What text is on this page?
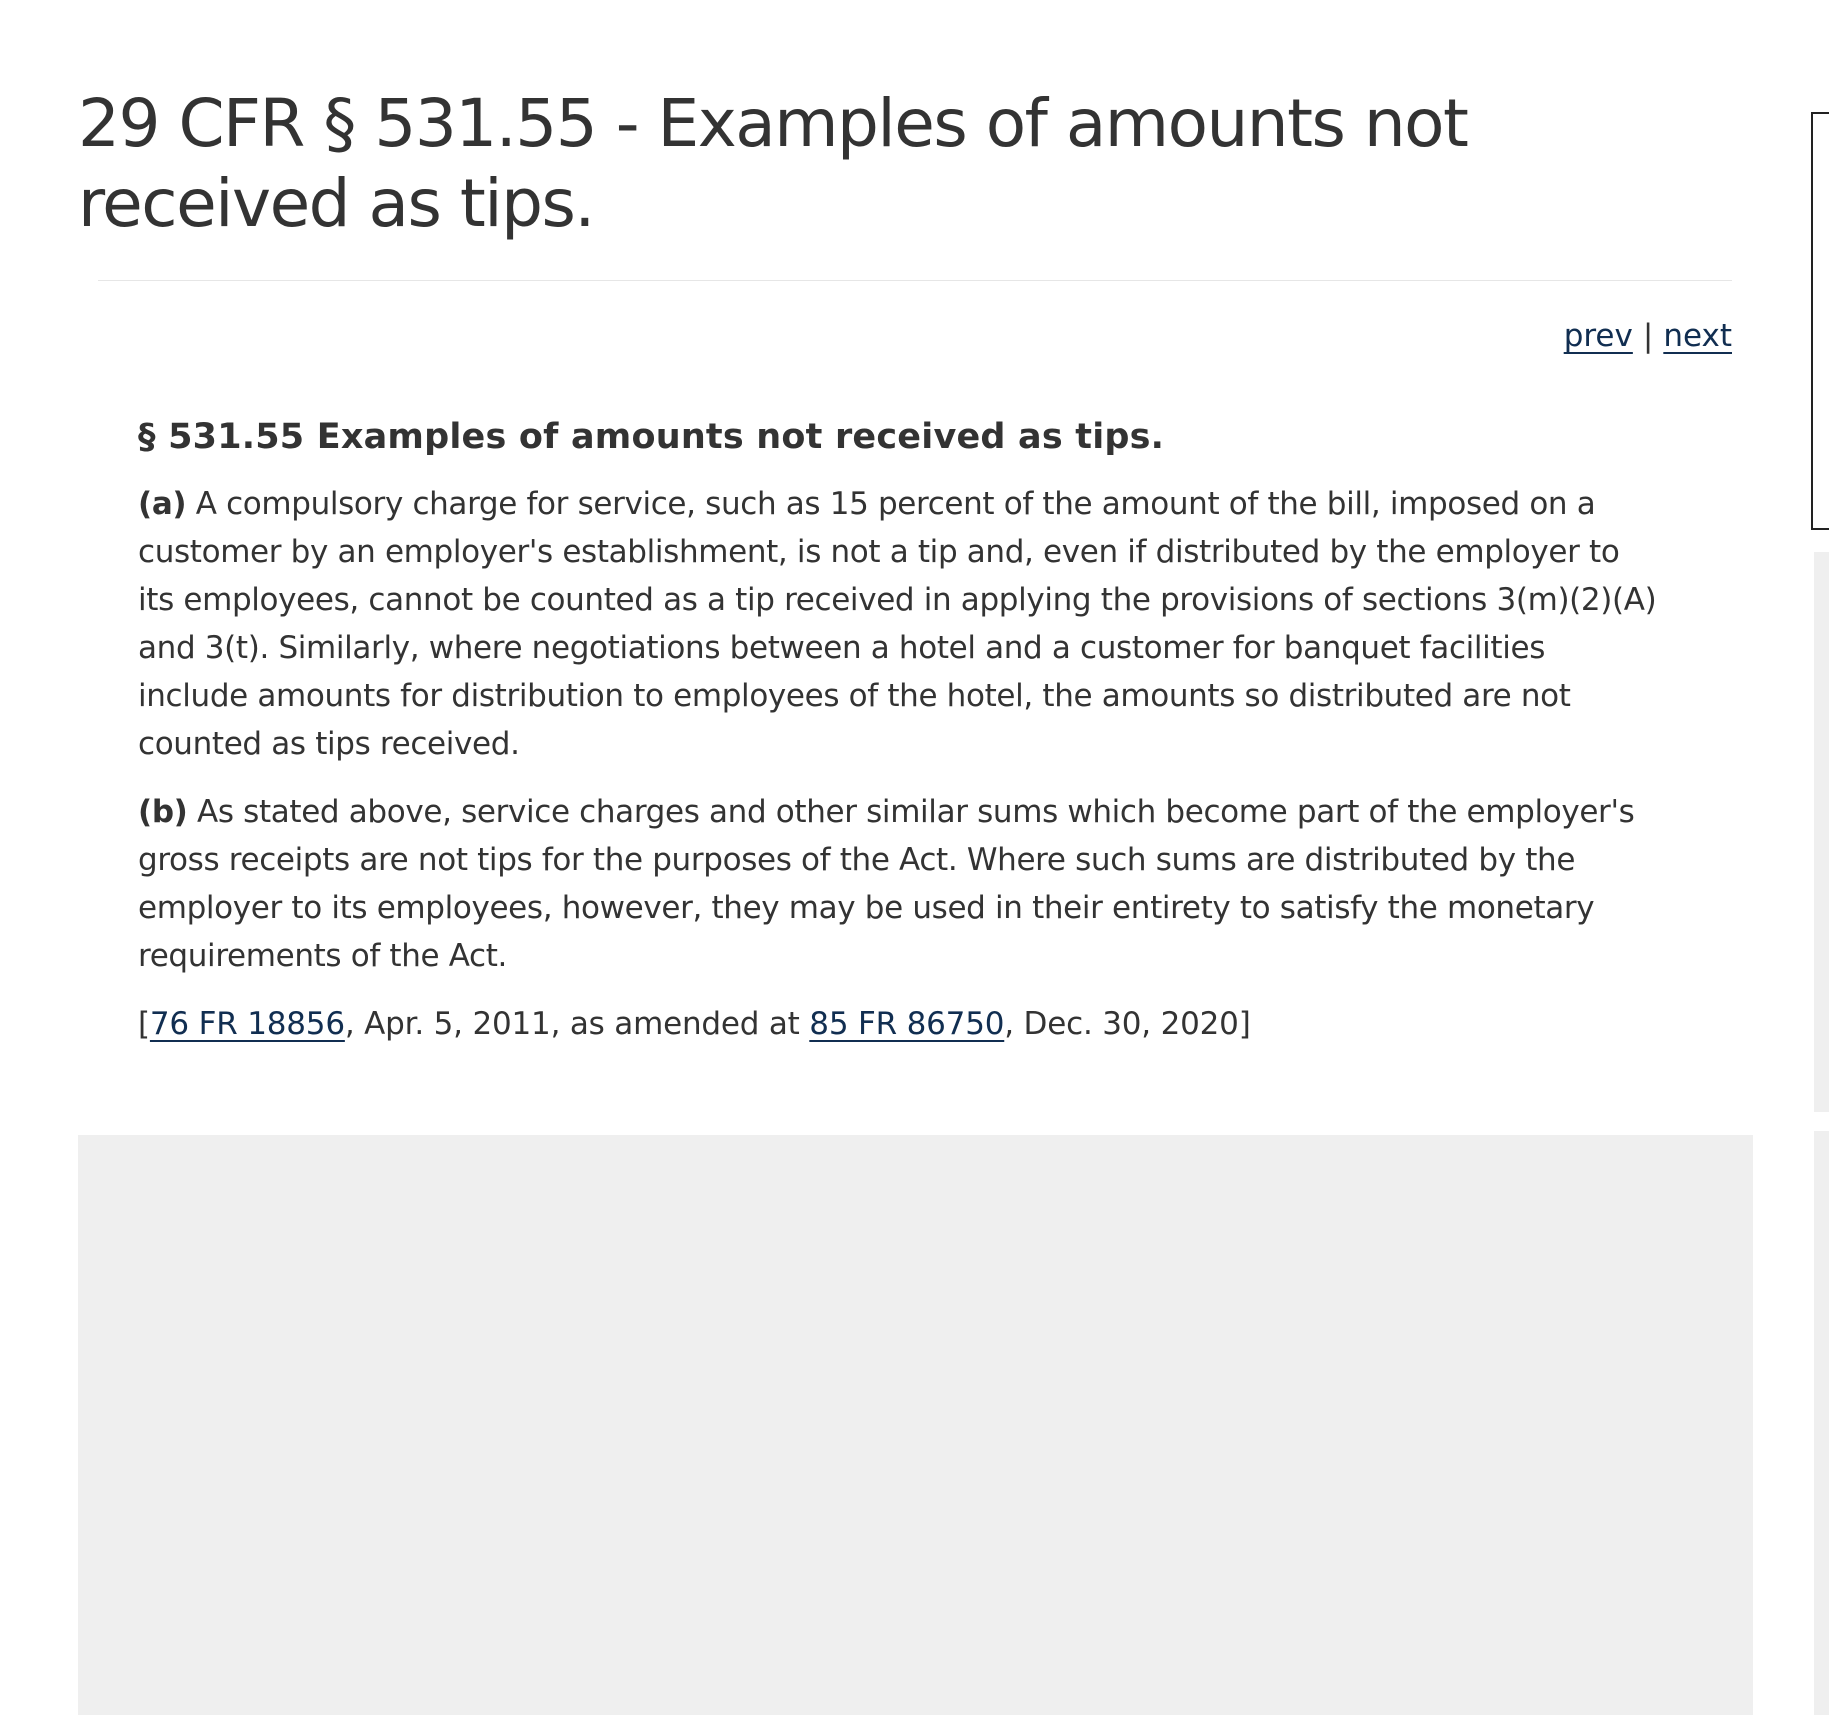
29 CFR § 531.55 - Examples of amounts not received as tips.
prev | next
§ 531.55 Examples of amounts not received as tips.

(a) A compulsory charge for service, such as 15 percent of the amount of the bill, imposed on a customer by an employer's establishment, is not a tip and, even if distributed by the employer to its employees, cannot be counted as a tip received in applying the provisions of sections 3(m)(2)(A) and 3(t). Similarly, where negotiations between a hotel and a customer for banquet facilities include amounts for distribution to employees of the hotel, the amounts so distributed are not counted as tips received.

(b) As stated above, service charges and other similar sums which become part of the employer's gross receipts are not tips for the purposes of the Act. Where such sums are distributed by the employer to its employees, however, they may be used in their entirety to satisfy the monetary requirements of the Act.

[76 FR 18856, Apr. 5, 2011, as amended at 85 FR 86750, Dec. 30, 2020]
